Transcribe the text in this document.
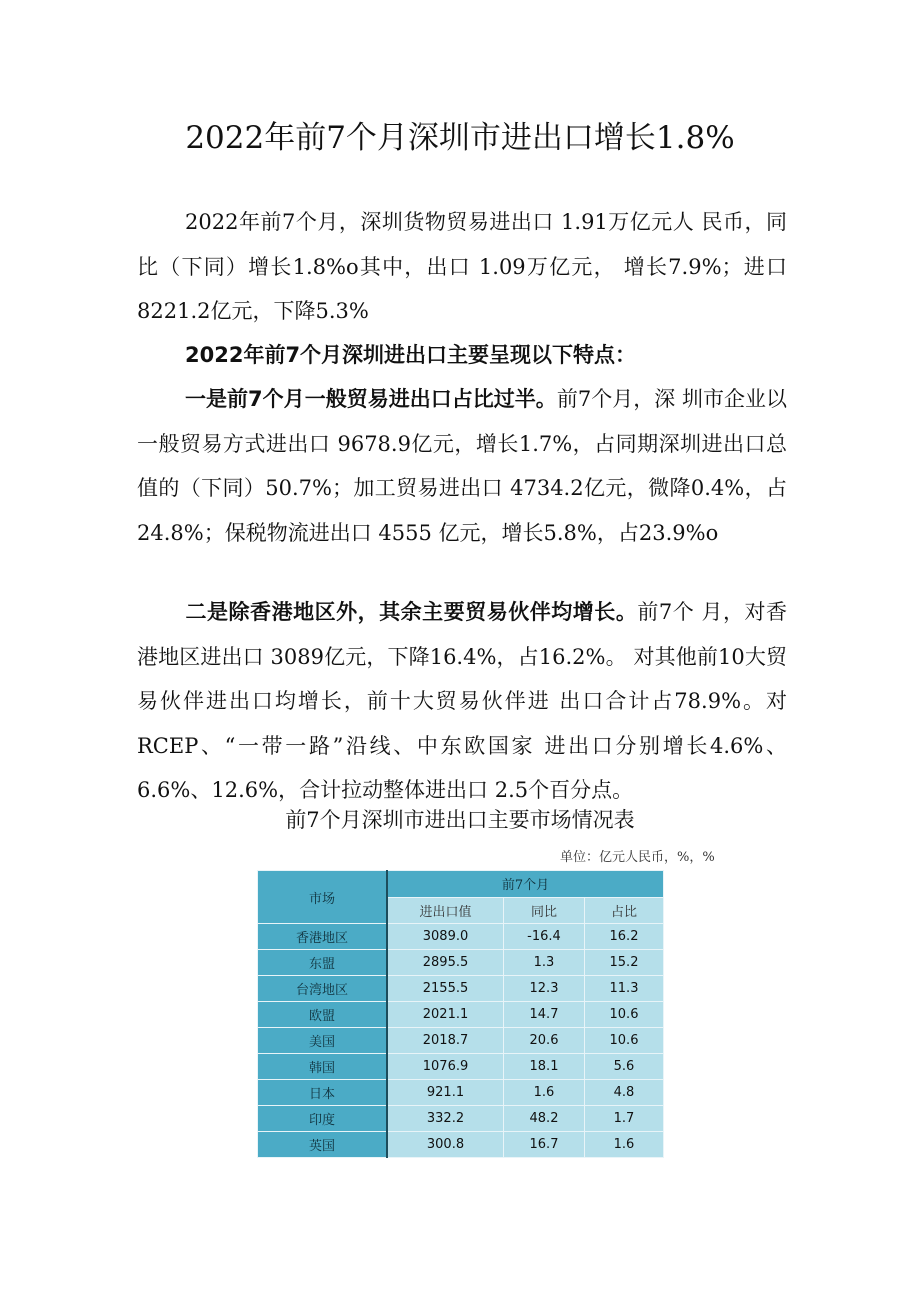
2022年前7个月深圳市进出口增长1.8%

2022年前7个月，深圳货物贸易进出口 1.91万亿元人 民币，同比（下同）增长1.8%o其中，出口 1.09万亿元， 增长7.9%；进口 8221.2亿元，下降5.3%

2022年前7个月深圳进出口主要呈现以下特点：

一是前7个月一般贸易进出口占比过半。前7个月，深 圳市企业以一般贸易方式进出口 9678.9亿元，增长1.7%，占同期深圳进出口总值的（下同）50.7%；加工贸易进出口 4734.2亿元，微降0.4%，占24.8%；保税物流进出口 4555 亿元，增长5.8%，占23.9%o

二是除香港地区外，其余主要贸易伙伴均增长。前7个 月，对香港地区进出口 3089亿元，下降16.4%，占16.2%。 对其他前10大贸易伙伴进出口均增长，前十大贸易伙伴进 出口合计占78.9%。对RCEP、“一带一路”沿线、中东欧国家 进出口分别增长4.6%、6.6%、12.6%，合计拉动整体进出口 2.5个百分点。

前7个月深圳市进出口主要市场情况表
单位：亿元人民币，%，%
市场	前7个月		
	进出口值	同比	占比
香港地区	3089.0	-16.4	16.2
东盟	2895.5	1.3	15.2
台湾地区	2155.5	12.3	11.3
欧盟	2021.1	14.7	10.6
美国	2018.7	20.6	10.6
韩国	1076.9	18.1	5.6
日本	921.1	1.6	4.8
印度	332.2	48.2	1.7
英国	300.8	16.7	1.6
